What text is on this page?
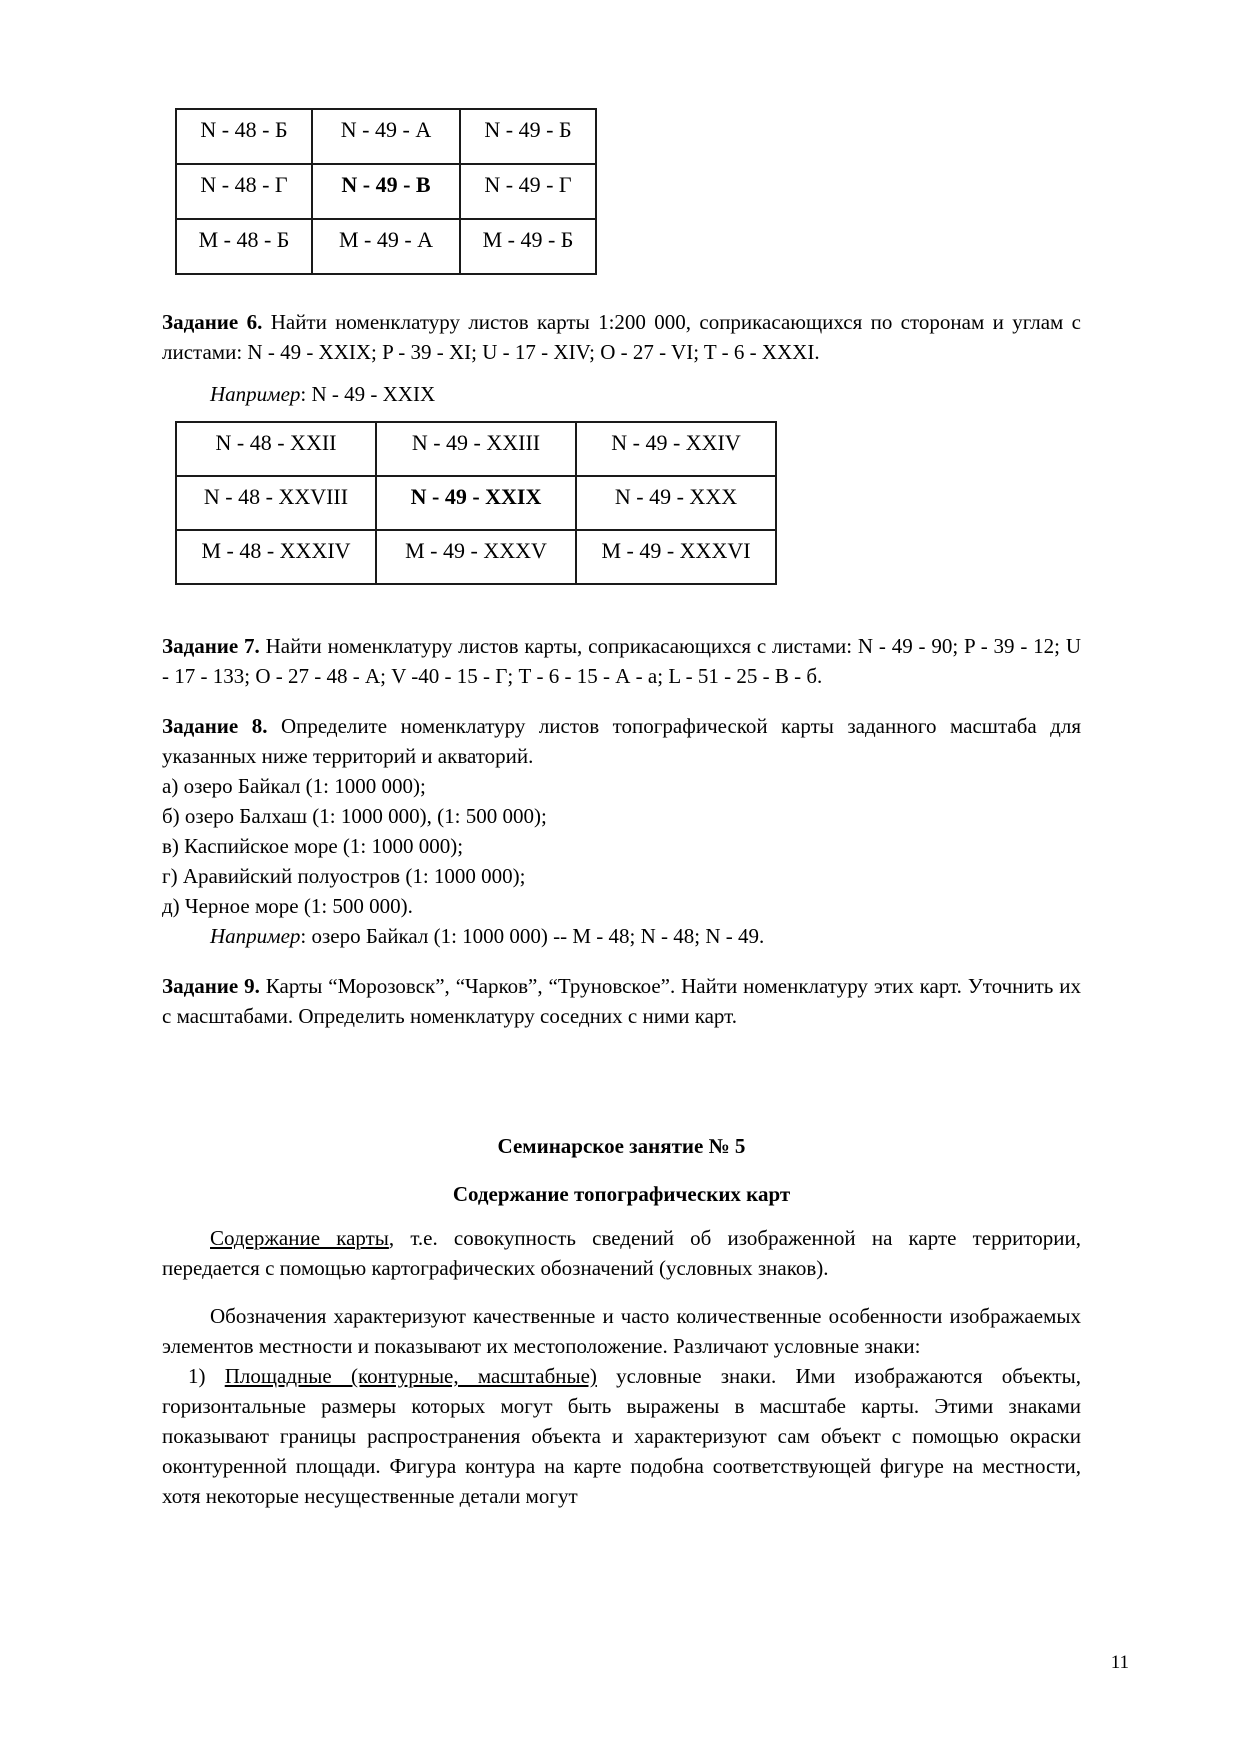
N - 48 - Б	N - 49 - А	N - 49 - Б
N - 48 - Г	N - 49 - В	N - 49 - Г
М - 48 - Б	М - 49 - А	М - 49 - Б

Задание 6. Найти номенклатуру листов карты 1:200 000, соприкасающихся по сторонам и углам с листами: N - 49 - XXIX; P - 39 - XI; U - 17 - XIV; O - 27 - VI; T - 6 - XXXI.

Например: N - 49 - XXIX

N - 48 - XXII	N - 49 - XXIII	N - 49 - XXIV
N - 48 - XXVIII	N - 49 - XXIX	N - 49 - XXX
М - 48 - XXXIV	М - 49 - XXXV	М - 49 - XXXVI

Задание 7. Найти номенклатуру листов карты, соприкасающихся с листами: N - 49 - 90; P - 39 - 12; U - 17 - 133; O - 27 - 48 - А; V -40 - 15 - Г; Т - 6 - 15 - А - а; L - 51 - 25 - В - б.

Задание 8. Определите номенклатуру листов топографической карты заданного масштаба для указанных ниже территорий и акваторий.

а) озеро Байкал (1: 1000 000);
б) озеро Балхаш (1: 1000 000), (1: 500 000);
в) Каспийское море (1: 1000 000);
г) Аравийский полуостров (1: 1000 000);
д) Черное море (1: 500 000).

Например: озеро Байкал (1: 1000 000) -- М - 48; N - 48; N - 49.

Задание 9. Карты “Морозовск”, “Чарков”, “Труновское”. Найти номенклатуру этих карт. Уточнить их с масштабами. Определить номенклатуру соседних с ними карт.

Семинарское занятие № 5

Содержание топографических карт

Содержание карты, т.е. совокупность сведений об изображенной на карте территории, передается с помощью картографических обозначений (условных знаков).

Обозначения характеризуют качественные и часто количественные особенности изображаемых элементов местности и показывают их местоположение. Различают условные знаки:

1) Площадные (контурные, масштабные) условные знаки. Ими изображаются объекты, горизонтальные размеры которых могут быть выражены в масштабе карты. Этими знаками показывают границы распространения объекта и характеризуют сам объект с помощью окраски оконтуренной площади. Фигура контура на карте подобна соответствующей фигуре на местности, хотя некоторые несущественные детали могут

11
